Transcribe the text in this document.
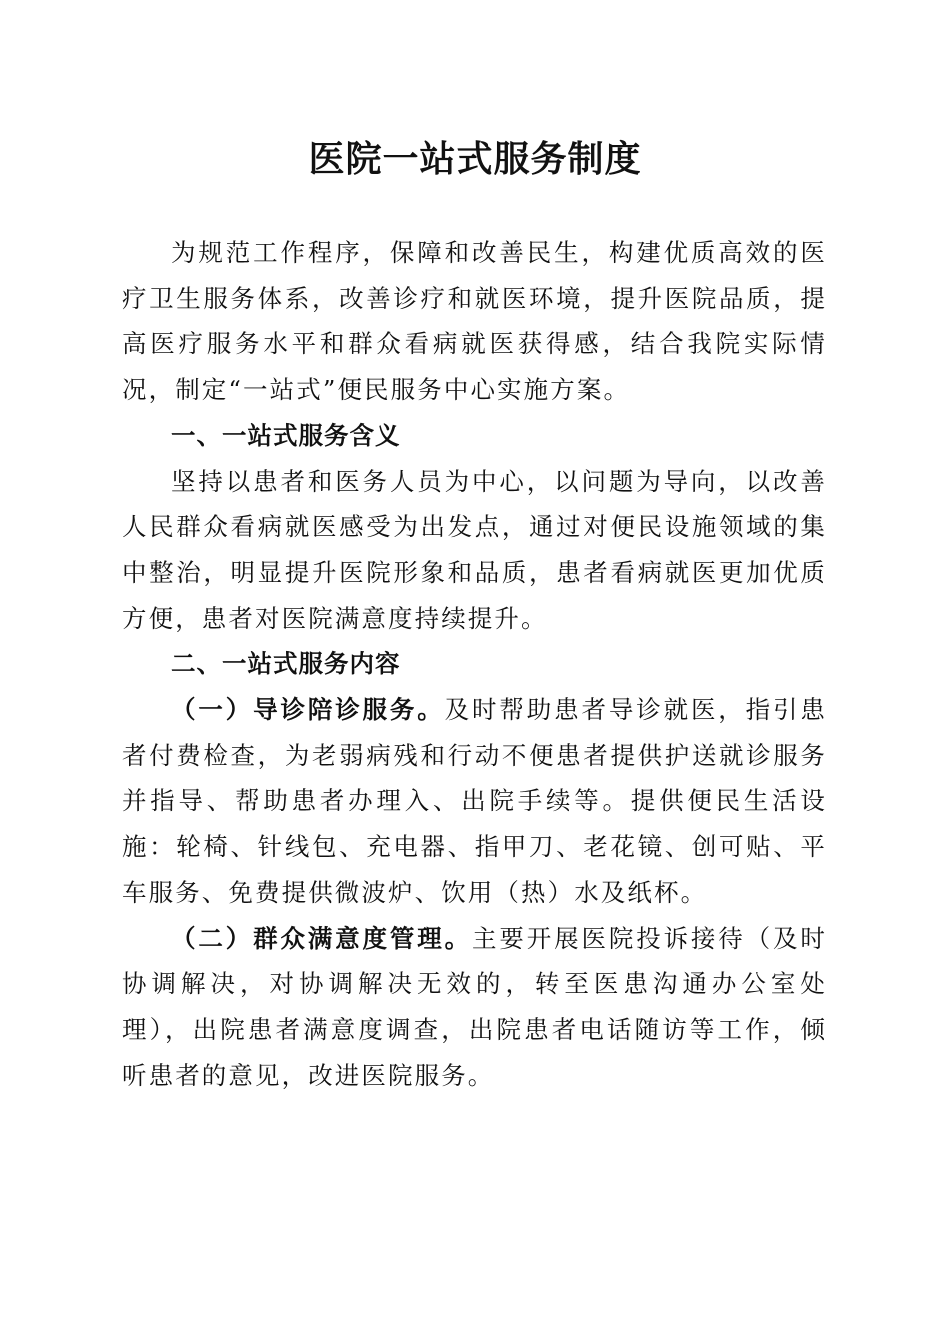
医院一站式服务制度

为规范工作程序，保障和改善民生，构建优质高效的医疗卫生服务体系，改善诊疗和就医环境，提升医院品质，提高医疗服务水平和群众看病就医获得感，结合我院实际情况，制定“一站式”便民服务中心实施方案。

一、一站式服务含义

坚持以患者和医务人员为中心，以问题为导向，以改善人民群众看病就医感受为出发点，通过对便民设施领域的集中整治，明显提升医院形象和品质，患者看病就医更加优质方便，患者对医院满意度持续提升。

二、一站式服务内容

（一）导诊陪诊服务。及时帮助患者导诊就医，指引患者付费检查，为老弱病残和行动不便患者提供护送就诊服务并指导、帮助患者办理入、出院手续等。提供便民生活设施：轮椅、针线包、充电器、指甲刀、老花镜、创可贴、平车服务、免费提供微波炉、饮用（热）水及纸杯。

（二）群众满意度管理。主要开展医院投诉接待（及时协调解决，对协调解决无效的，转至医患沟通办公室处理），出院患者满意度调查，出院患者电话随访等工作，倾听患者的意见，改进医院服务。
